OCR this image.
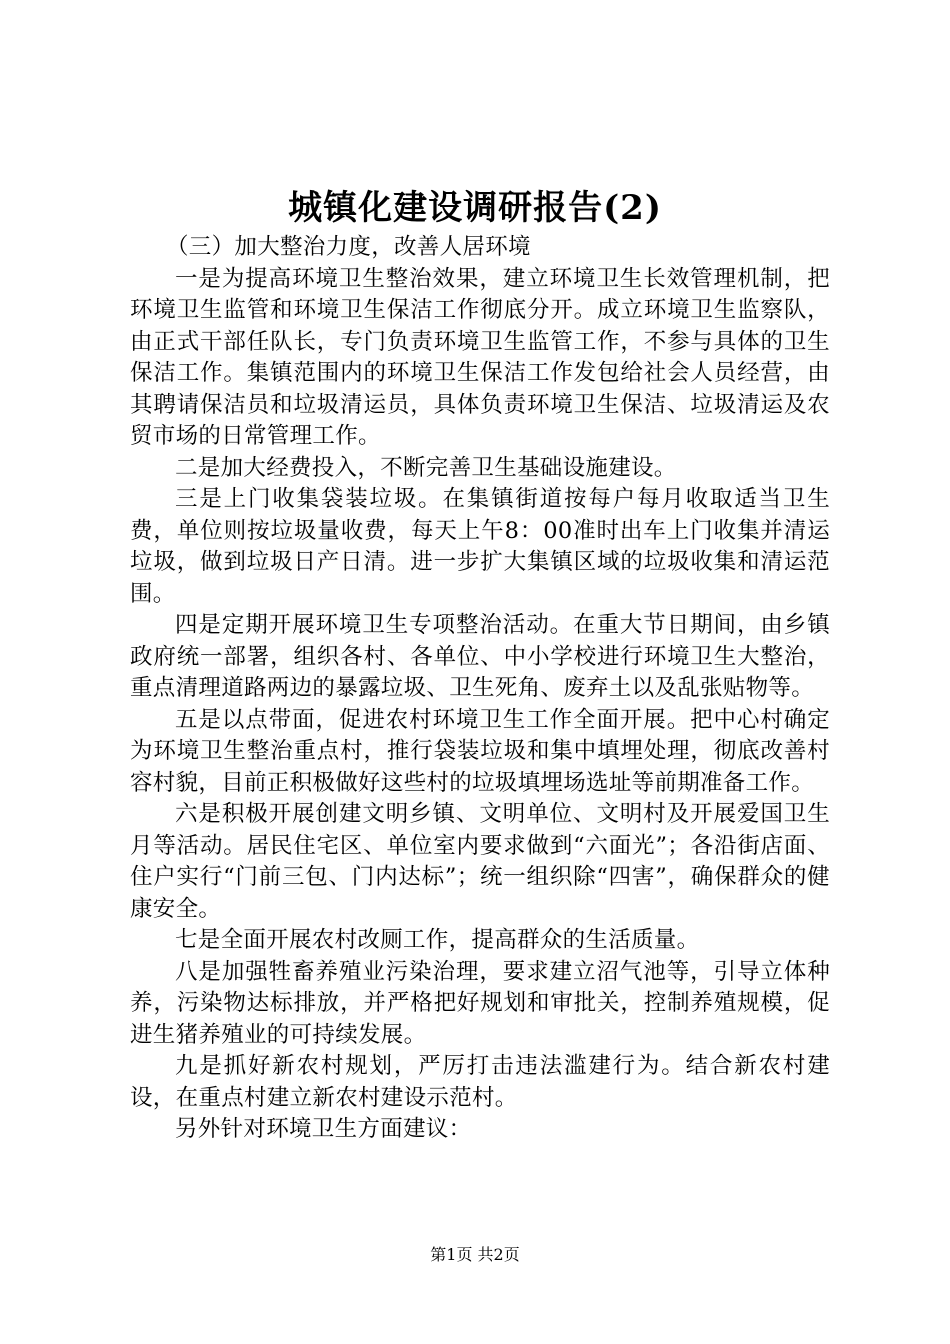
城镇化建设调研报告(2)

（三）加大整治力度，改善人居环境

一是为提高环境卫生整治效果，建立环境卫生长效管理机制，把环境卫生监管和环境卫生保洁工作彻底分开。成立环境卫生监察队，由正式干部任队长，专门负责环境卫生监管工作，不参与具体的卫生保洁工作。集镇范围内的环境卫生保洁工作发包给社会人员经营，由其聘请保洁员和垃圾清运员，具体负责环境卫生保洁、垃圾清运及农贸市场的日常管理工作。

二是加大经费投入，不断完善卫生基础设施建设。

三是上门收集袋装垃圾。在集镇街道按每户每月收取适当卫生费，单位则按垃圾量收费，每天上午8：00准时出车上门收集并清运垃圾，做到垃圾日产日清。进一步扩大集镇区域的垃圾收集和清运范围。

四是定期开展环境卫生专项整治活动。在重大节日期间，由乡镇政府统一部署，组织各村、各单位、中小学校进行环境卫生大整治，重点清理道路两边的暴露垃圾、卫生死角、废弃土以及乱张贴物等。

五是以点带面，促进农村环境卫生工作全面开展。把中心村确定为环境卫生整治重点村，推行袋装垃圾和集中填埋处理，彻底改善村容村貌，目前正积极做好这些村的垃圾填埋场选址等前期准备工作。

六是积极开展创建文明乡镇、文明单位、文明村及开展爱国卫生月等活动。居民住宅区、单位室内要求做到“六面光”；各沿街店面、住户实行“门前三包、门内达标”；统一组织除“四害”，确保群众的健康安全。

七是全面开展农村改厕工作，提高群众的生活质量。

八是加强牲畜养殖业污染治理，要求建立沼气池等，引导立体种养，污染物达标排放，并严格把好规划和审批关，控制养殖规模，促进生猪养殖业的可持续发展。

九是抓好新农村规划，严厉打击违法滥建行为。结合新农村建设，在重点村建立新农村建设示范村。

另外针对环境卫生方面建议：

第1页 共2页
